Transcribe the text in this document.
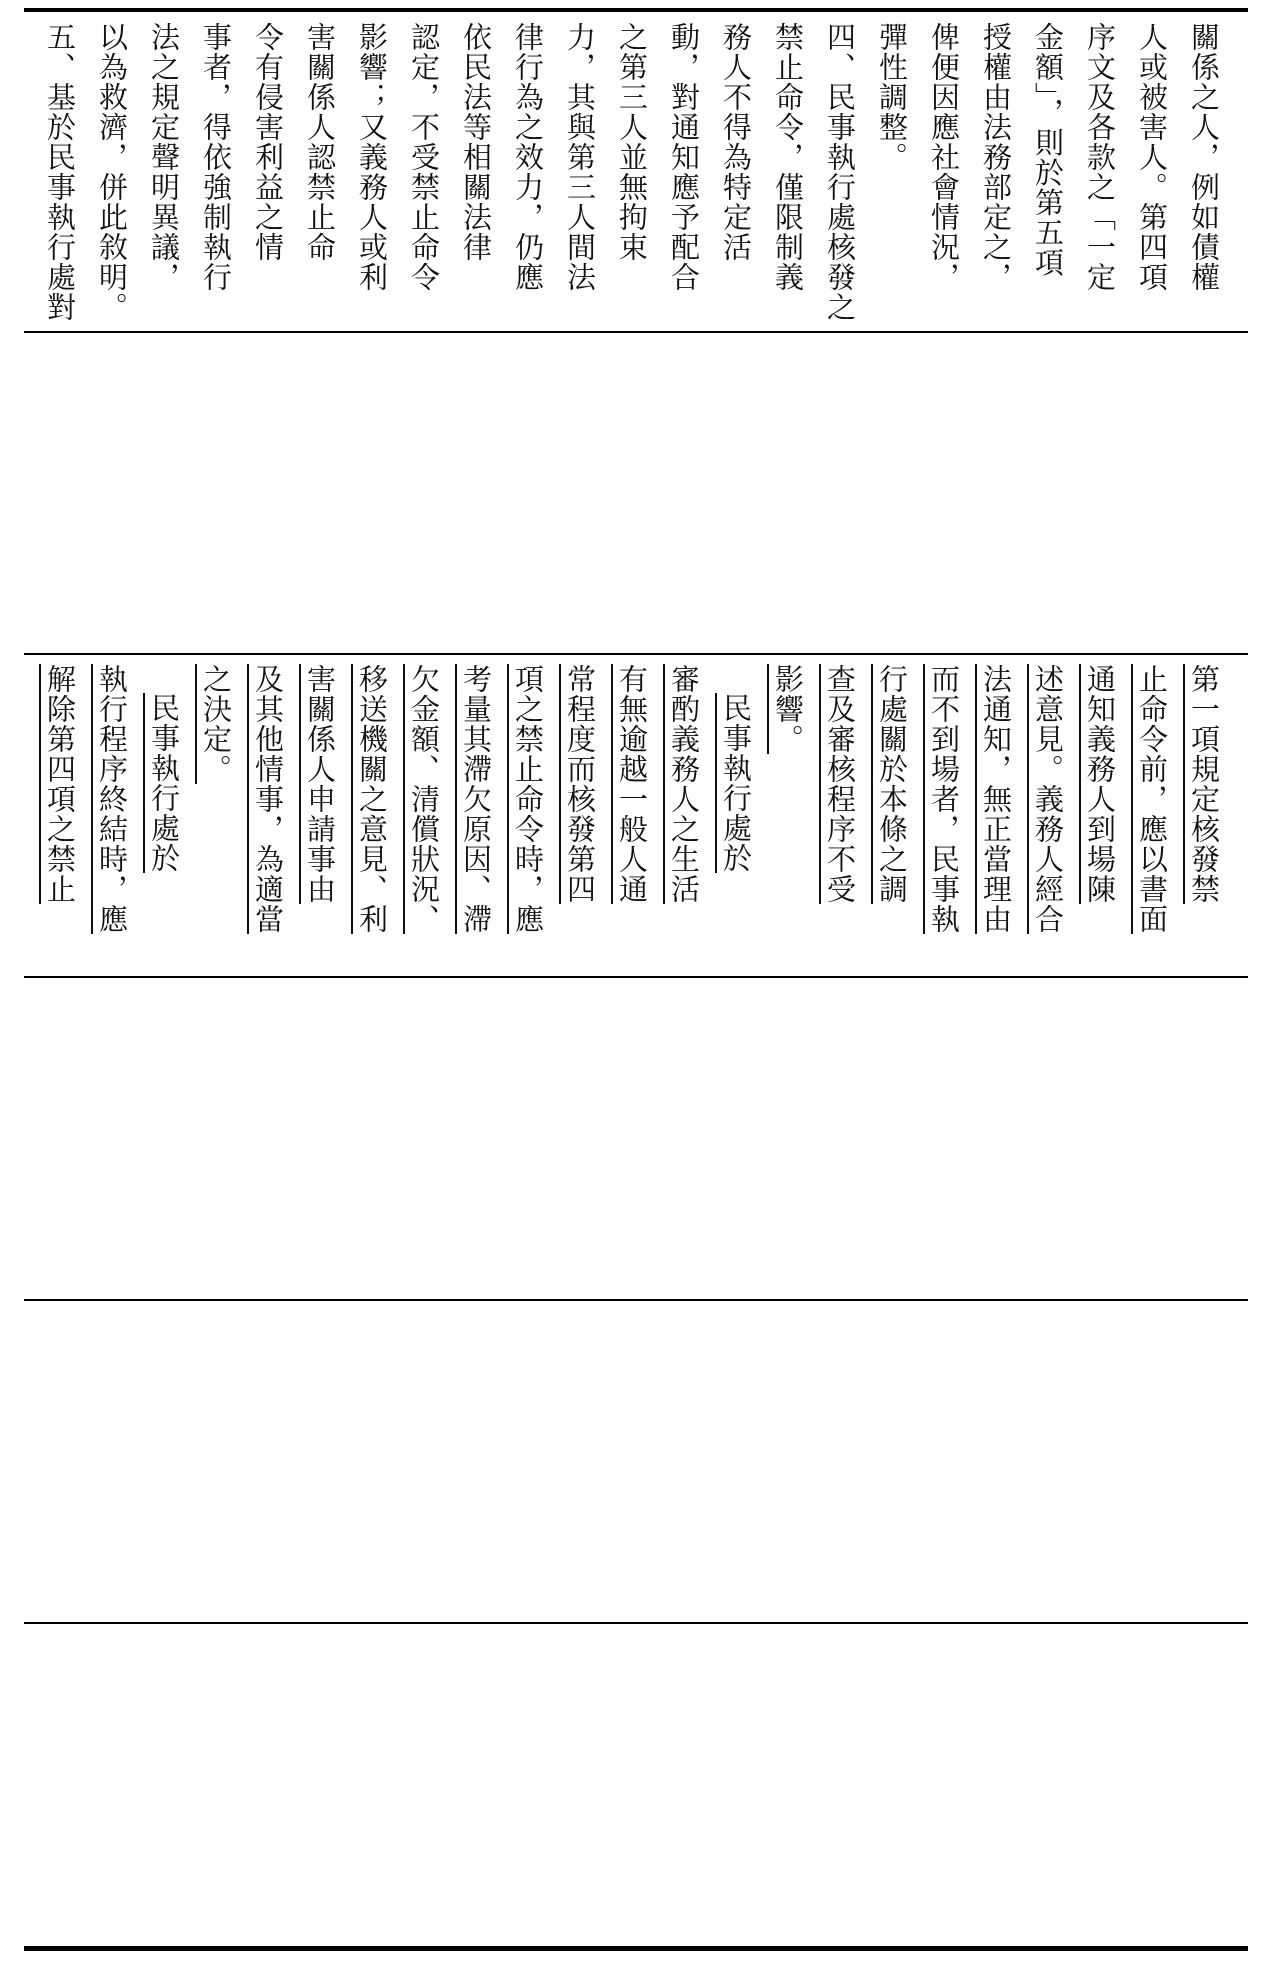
關係之人，例如債權
人或被害人。第四項
序文及各款之「一定
金額」，則於第五項
授權由法務部定之，
俾便因應社會情況，
彈性調整。
四、民事執行處核發之
禁止命令，僅限制義
務人不得為特定活
動，對通知應予配合
之第三人並無拘束
力，其與第三人間法
律行為之效力，仍應
依民法等相關法律
認定，不受禁止命令
影響；又義務人或利
害關係人認禁止命
令有侵害利益之情
事者，得依強制執行
法之規定聲明異議，
以為救濟，併此敘明。
五、基於民事執行處對
第一項規定核發禁
止命令前，應以書面
通知義務人到場陳
述意見。義務人經合
法通知，無正當理由
而不到場者，民事執
行處關於本條之調
查及審核程序不受
影響。
民事執行處於
審酌義務人之生活
有無逾越一般人通
常程度而核發第四
項之禁止命令時，應
考量其滯欠原因、滯
欠金額、清償狀況、
移送機關之意見、利
害關係人申請事由
及其他情事，為適當
之決定。
民事執行處於
執行程序終結時，應
解除第四項之禁止
